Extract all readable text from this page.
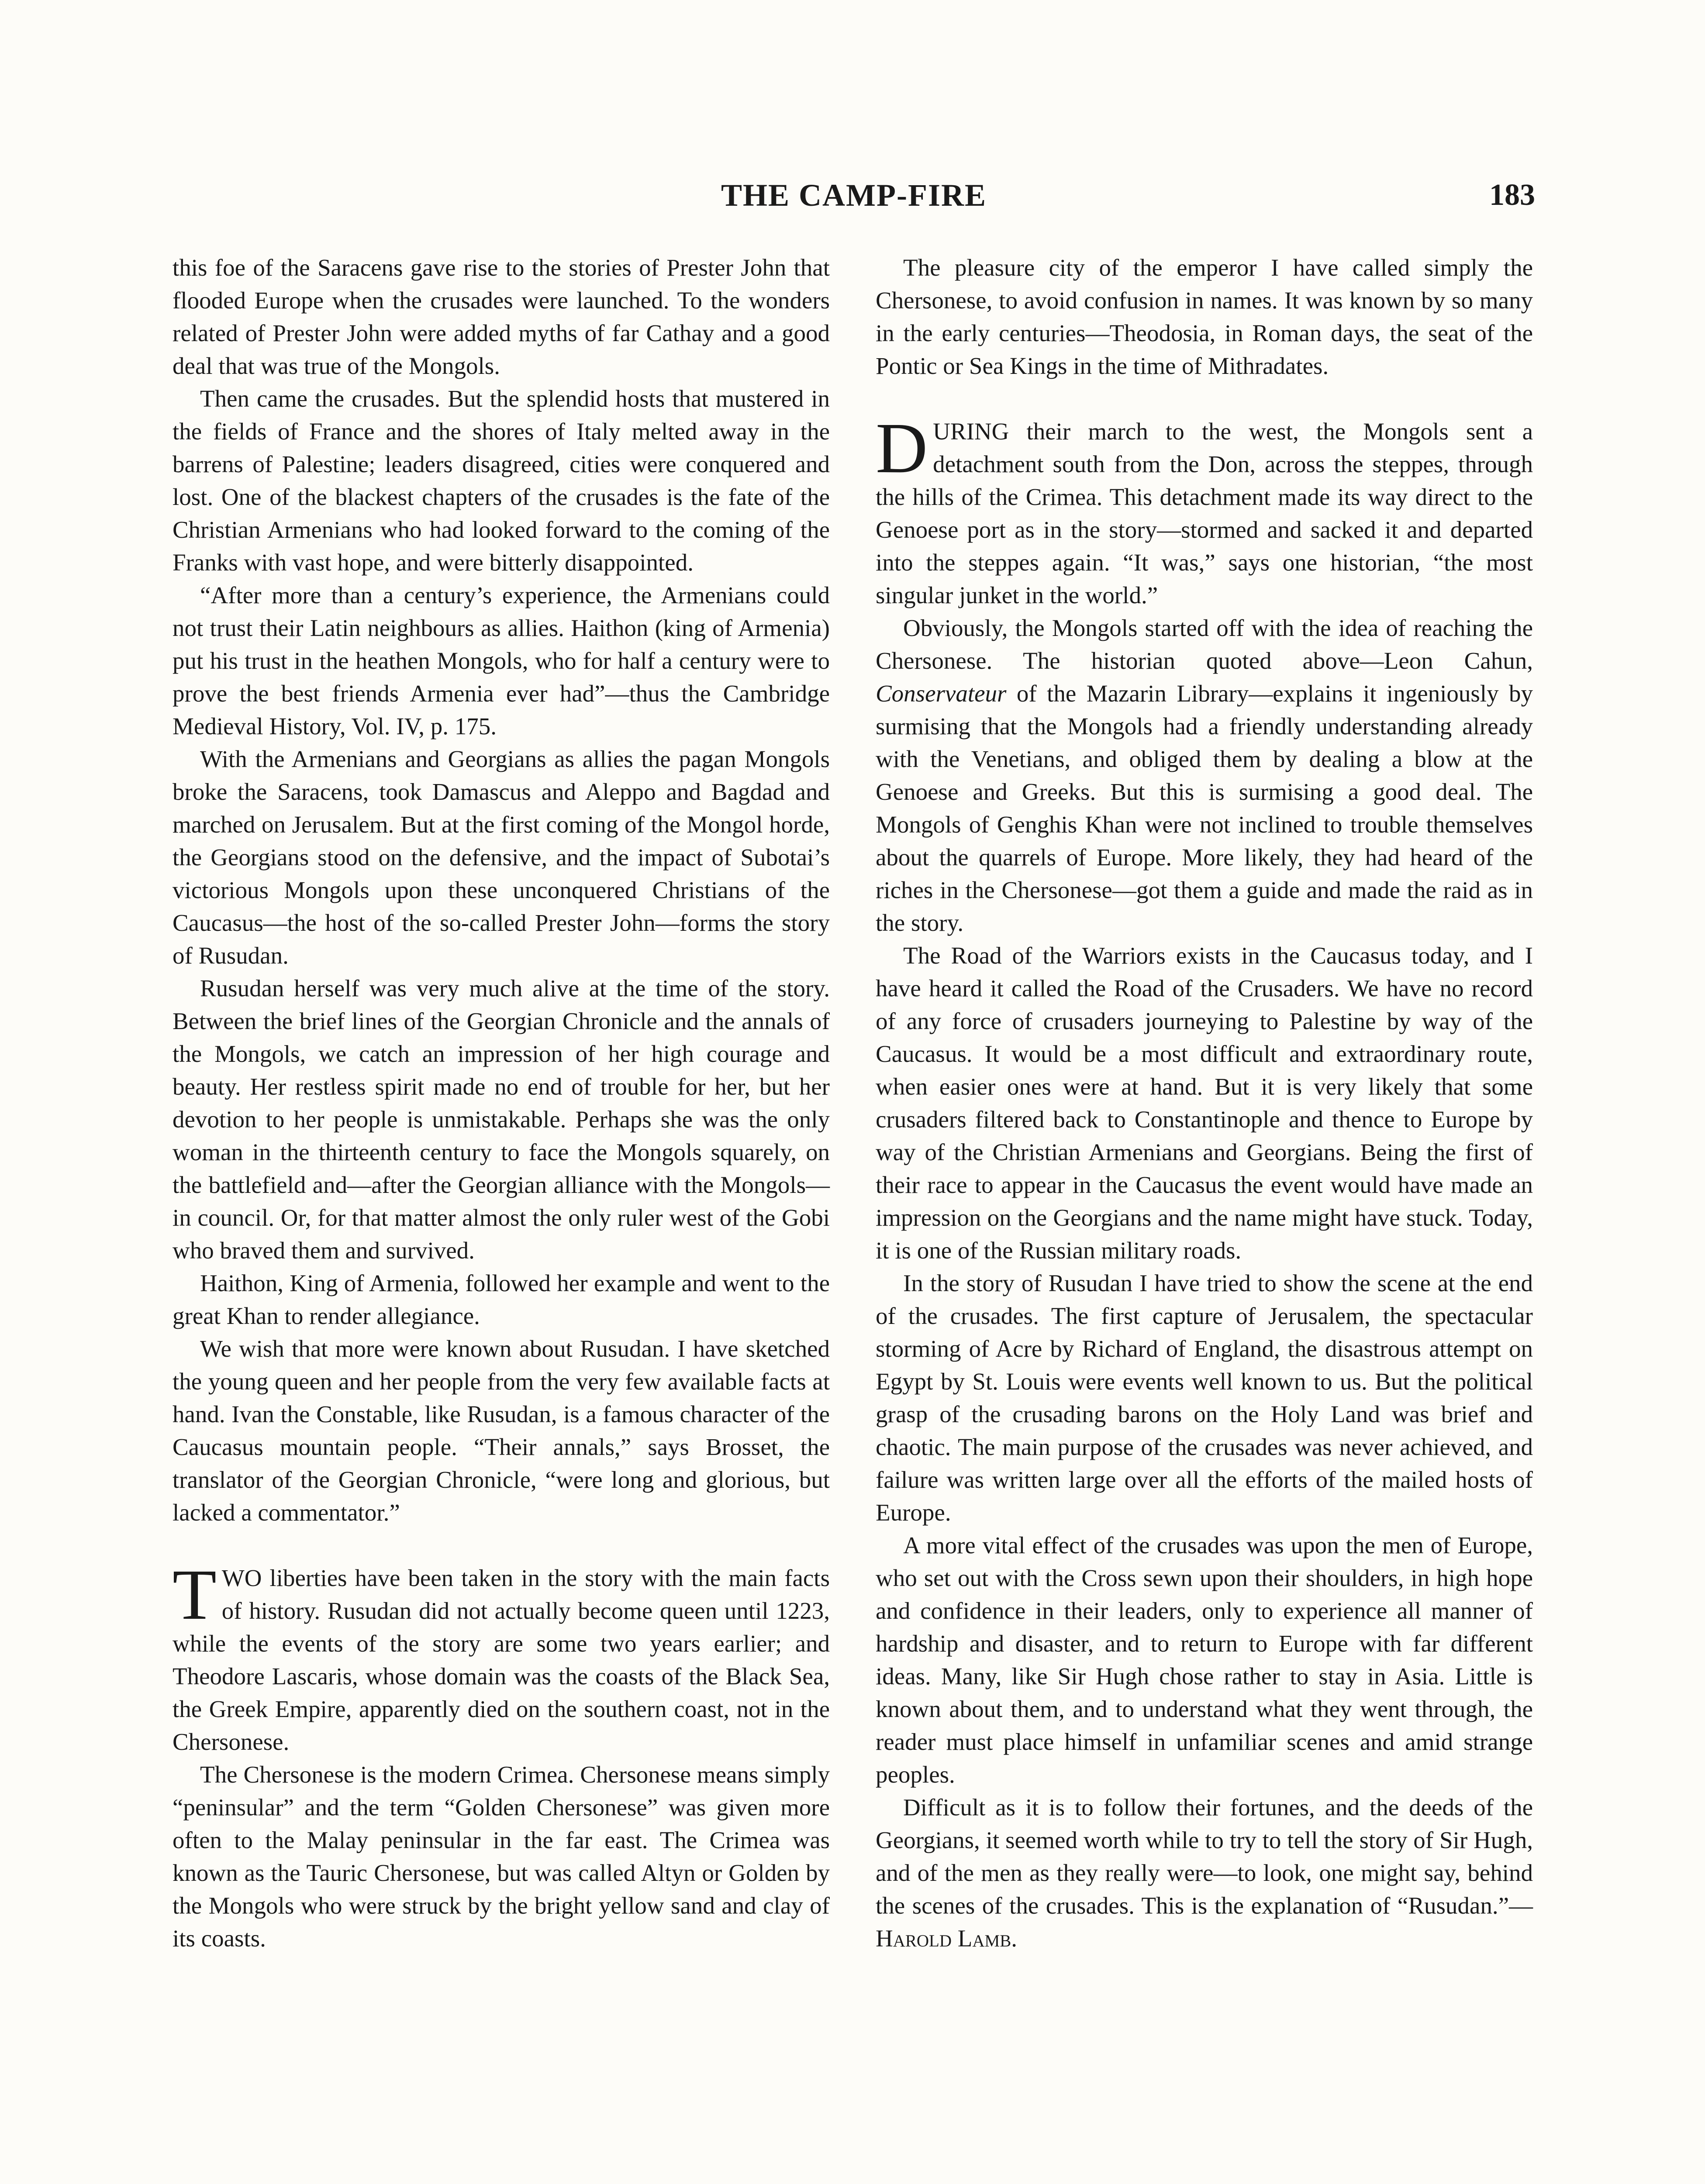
THE CAMP-FIRE	183

this foe of the Saracens gave rise to the stories of Prester John that flooded Europe when the crusades were launched. To the wonders related of Prester John were added myths of far Cathay and a good deal that was true of the Mongols.

Then came the crusades. But the splendid hosts that mustered in the fields of France and the shores of Italy melted away in the barrens of Palestine; leaders disagreed, cities were conquered and lost. One of the blackest chapters of the crusades is the fate of the Christian Armenians who had looked forward to the coming of the Franks with vast hope, and were bitterly disappointed.

“After more than a century’s experience, the Armenians could not trust their Latin neighbours as allies. Haithon (king of Armenia) put his trust in the heathen Mongols, who for half a century were to prove the best friends Armenia ever had”—thus the Cambridge Medieval History, Vol. IV, p. 175.

With the Armenians and Georgians as allies the pagan Mongols broke the Saracens, took Damascus and Aleppo and Bagdad and marched on Jerusalem. But at the first coming of the Mongol horde, the Georgians stood on the defensive, and the impact of Subotai’s victorious Mongols upon these unconquered Christians of the Caucasus—the host of the so-called Prester John—forms the story of Rusudan.

Rusudan herself was very much alive at the time of the story. Between the brief lines of the Georgian Chronicle and the annals of the Mongols, we catch an impression of her high courage and beauty. Her restless spirit made no end of trouble for her, but her devotion to her people is unmistakable. Perhaps she was the only woman in the thirteenth century to face the Mongols squarely, on the battlefield and—after the Georgian alliance with the Mongols—in council. Or, for that matter almost the only ruler west of the Gobi who braved them and survived.

Haithon, King of Armenia, followed her example and went to the great Khan to render allegiance.

We wish that more were known about Rusudan. I have sketched the young queen and her people from the very few available facts at hand. Ivan the Constable, like Rusudan, is a famous character of the Caucasus mountain people. “Their annals,” says Brosset, the translator of the Georgian Chronicle, “were long and glorious, but lacked a commentator.”

TWO liberties have been taken in the story with the main facts of history. Rusudan did not actually become queen until 1223, while the events of the story are some two years earlier; and Theodore Lascaris, whose domain was the coasts of the Black Sea, the Greek Empire, apparently died on the southern coast, not in the Chersonese.

The Chersonese is the modern Crimea. Chersonese means simply “peninsular” and the term “Golden Chersonese” was given more often to the Malay peninsular in the far east. The Crimea was known as the Tauric Chersonese, but was called Altyn or Golden by the Mongols who were struck by the bright yellow sand and clay of its coasts.

The pleasure city of the emperor I have called simply the Chersonese, to avoid confusion in names. It was known by so many in the early centuries—Theodosia, in Roman days, the seat of the Pontic or Sea Kings in the time of Mithradates.

DURING their march to the west, the Mongols sent a detachment south from the Don, across the steppes, through the hills of the Crimea. This detachment made its way direct to the Genoese port as in the story—stormed and sacked it and departed into the steppes again. “It was,” says one historian, “the most singular junket in the world.”

Obviously, the Mongols started off with the idea of reaching the Chersonese. The historian quoted above—Leon Cahun, Conservateur of the Mazarin Library—explains it ingeniously by surmising that the Mongols had a friendly understanding already with the Venetians, and obliged them by dealing a blow at the Genoese and Greeks. But this is surmising a good deal. The Mongols of Genghis Khan were not inclined to trouble themselves about the quarrels of Europe. More likely, they had heard of the riches in the Chersonese—got them a guide and made the raid as in the story.

The Road of the Warriors exists in the Caucasus today, and I have heard it called the Road of the Crusaders. We have no record of any force of crusaders journeying to Palestine by way of the Caucasus. It would be a most difficult and extraordinary route, when easier ones were at hand. But it is very likely that some crusaders filtered back to Constantinople and thence to Europe by way of the Christian Armenians and Georgians. Being the first of their race to appear in the Caucasus the event would have made an impression on the Georgians and the name might have stuck. Today, it is one of the Russian military roads.

In the story of Rusudan I have tried to show the scene at the end of the crusades. The first capture of Jerusalem, the spectacular storming of Acre by Richard of England, the disastrous attempt on Egypt by St. Louis were events well known to us. But the political grasp of the crusading barons on the Holy Land was brief and chaotic. The main purpose of the crusades was never achieved, and failure was written large over all the efforts of the mailed hosts of Europe.

A more vital effect of the crusades was upon the men of Europe, who set out with the Cross sewn upon their shoulders, in high hope and confidence in their leaders, only to experience all manner of hardship and disaster, and to return to Europe with far different ideas. Many, like Sir Hugh chose rather to stay in Asia. Little is known about them, and to understand what they went through, the reader must place himself in unfamiliar scenes and amid strange peoples.

Difficult as it is to follow their fortunes, and the deeds of the Georgians, it seemed worth while to try to tell the story of Sir Hugh, and of the men as they really were—to look, one might say, behind the scenes of the crusades. This is the explanation of “Rusudan.”—Harold Lamb.
